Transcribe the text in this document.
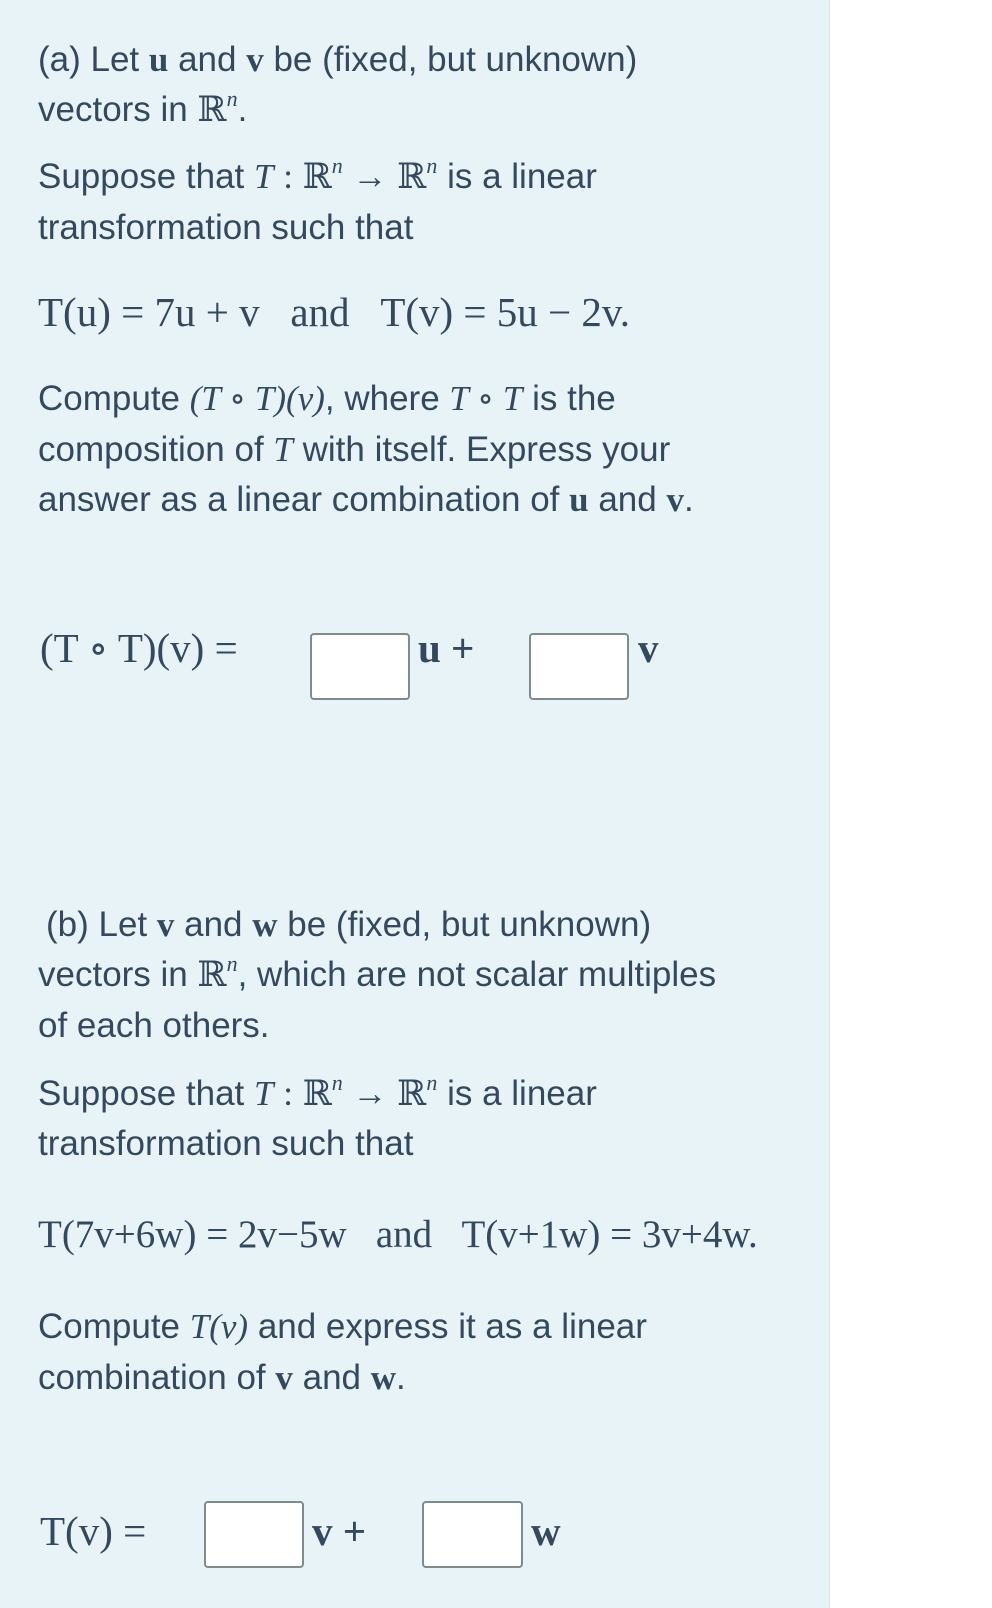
(a) Let u and v be (fixed, but unknown)
vectors in ℝ$^n$.
Suppose that T : ℝ$^n$ → ℝ$^n$ is a linear
transformation such that
T(u) = 7u + v and T(v) = 5u − 2v.
Compute (T ∘ T)(v), where T ∘ T is the
composition of T with itself. Express your
answer as a linear combination of u and v.
(T ∘ T)(v) =	u +	v
(b) Let v and w be (fixed, but unknown)
vectors in ℝ$^n$, which are not scalar multiples
of each others.
Suppose that T : ℝ$^n$ → ℝ$^n$ is a linear
transformation such that
T(7v+6w) = 2v−5w and T(v+1w) = 3v+4w.
Compute T(v) and express it as a linear
combination of v and w.
T(v) =	v +	w
